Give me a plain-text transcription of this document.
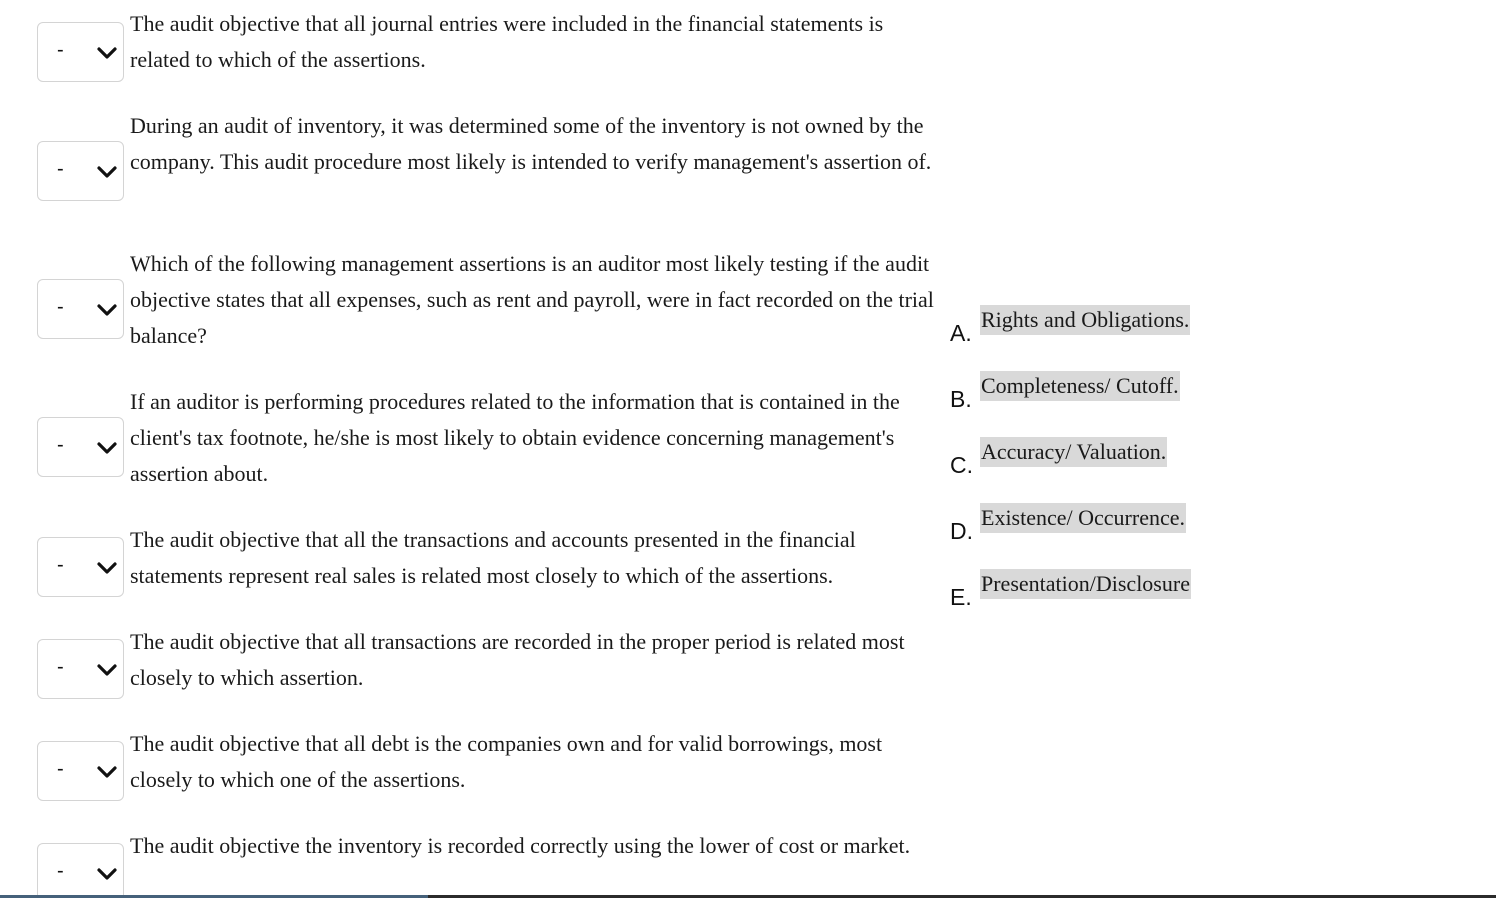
-

The audit objective that all journal entries were included in the financial statements is related to which of the assertions.

-

During an audit of inventory, it was determined some of the inventory is not owned by the company. This audit procedure most likely is intended to verify management's assertion of.

-

Which of the following management assertions is an auditor most likely testing if the audit objective states that all expenses, such as rent and payroll, were in fact recorded on the trial balance?

-

If an auditor is performing procedures related to the information that is contained in the client's tax footnote, he/she is most likely to obtain evidence concerning management's assertion about.

-

The audit objective that all the transactions and accounts presented in the financial statements represent real sales is related most closely to which of the assertions.

-

The audit objective that all transactions are recorded in the proper period is related most closely to which assertion.

-

The audit objective that all debt is the companies own and for valid borrowings, most closely to which one of the assertions.

-

The audit objective the inventory is recorded correctly using the lower of cost or market.

A.
Rights and Obligations.
B.
Completeness/ Cutoff.
C.
Accuracy/ Valuation.
D.
Existence/ Occurrence.
E.
Presentation/Disclosure
